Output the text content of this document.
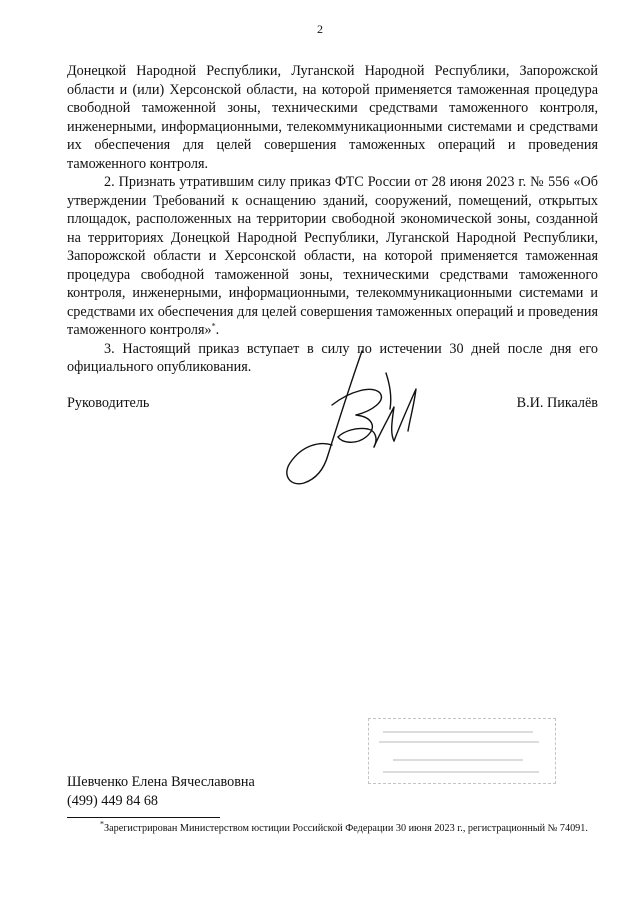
2

Донецкой Народной Республики, Луганской Народной Республики, Запорожской области и (или) Херсонской области, на которой применяется таможенная процедура свободной таможенной зоны, техническими средствами таможенного контроля, инженерными, информационными, телекоммуникационными системами и средствами их обеспечения для целей совершения таможенных операций и проведения таможенного контроля.

2. Признать утратившим силу приказ ФТС России от 28 июня 2023 г. № 556 «Об утверждении Требований к оснащению зданий, сооружений, помещений, открытых площадок, расположенных на территории свободной экономической зоны, созданной на территориях Донецкой Народной Республики, Луганской Народной Республики, Запорожской области и Херсонской области, на которой применяется таможенная процедура свободной таможенной зоны, техническими средствами таможенного контроля, инженерными, информационными, телекоммуникационными системами и средствами их обеспечения для целей совершения таможенных операций и проведения таможенного контроля»*.

3. Настоящий приказ вступает в силу по истечении 30 дней после дня его официального опубликования.

Руководитель	В.И. Пикалёв
Шевченко Елена Вячеславовна
(499) 449 84 68
*Зарегистрирован Министерством юстиции Российской Федерации 30 июня 2023 г., регистрационный № 74091.
